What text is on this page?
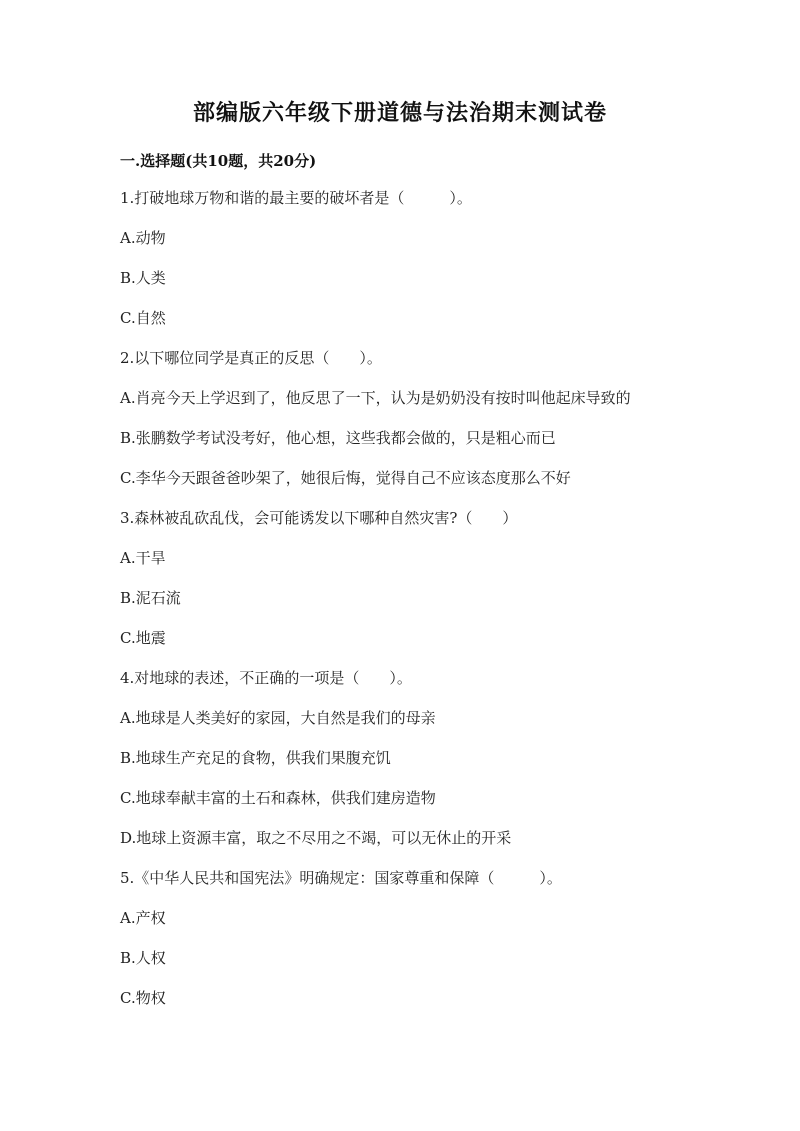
部编版六年级下册道德与法治期末测试卷
一.选择题(共10题，共20分)
1.打破地球万物和谐的最主要的破坏者是（　　　）。
A.动物
B.人类
C.自然
2.以下哪位同学是真正的反思（　　）。
A.肖亮今天上学迟到了，他反思了一下，认为是奶奶没有按时叫他起床导致的
B.张鹏数学考试没考好，他心想，这些我都会做的，只是粗心而已
C.李华今天跟爸爸吵架了，她很后悔，觉得自己不应该态度那么不好
3.森林被乱砍乱伐，会可能诱发以下哪种自然灾害?（　　）
A.干旱
B.泥石流
C.地震
4.对地球的表述，不正确的一项是（　　）。
A.地球是人类美好的家园，大自然是我们的母亲
B.地球生产充足的食物，供我们果腹充饥
C.地球奉献丰富的土石和森林，供我们建房造物
D.地球上资源丰富，取之不尽用之不竭，可以无休止的开采
5.《中华人民共和国宪法》明确规定：国家尊重和保障（　　　）。
A.产权
B.人权
C.物权
